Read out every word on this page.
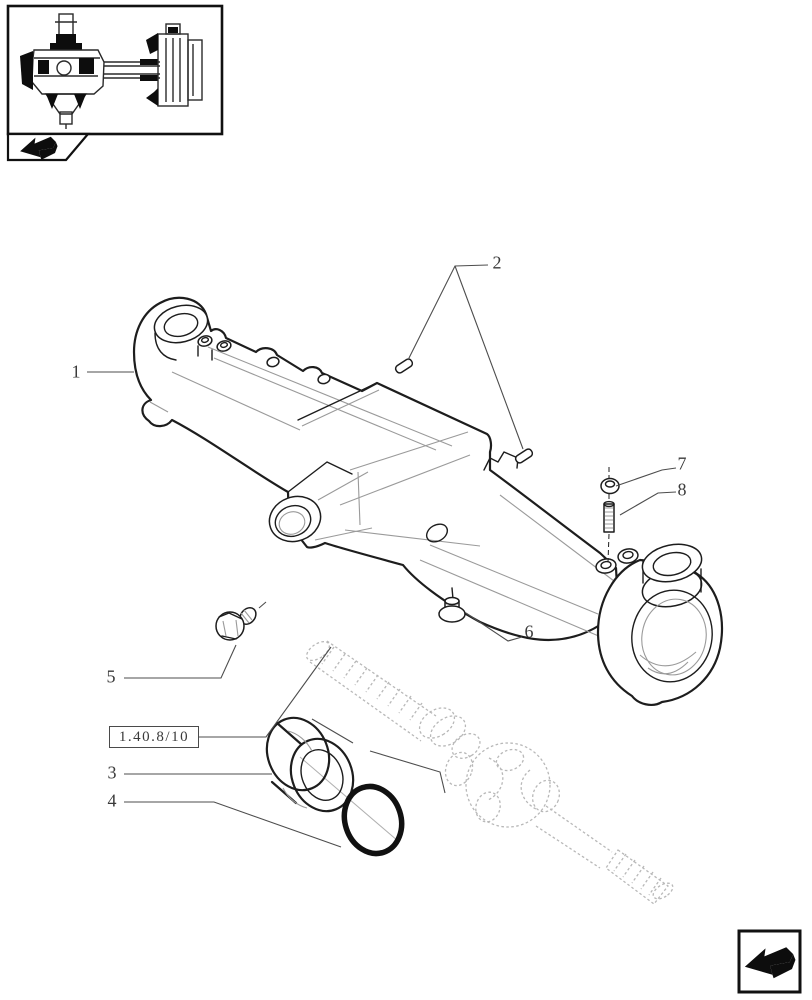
1
2
3
4
5
6
7
8
1.40.8/10
